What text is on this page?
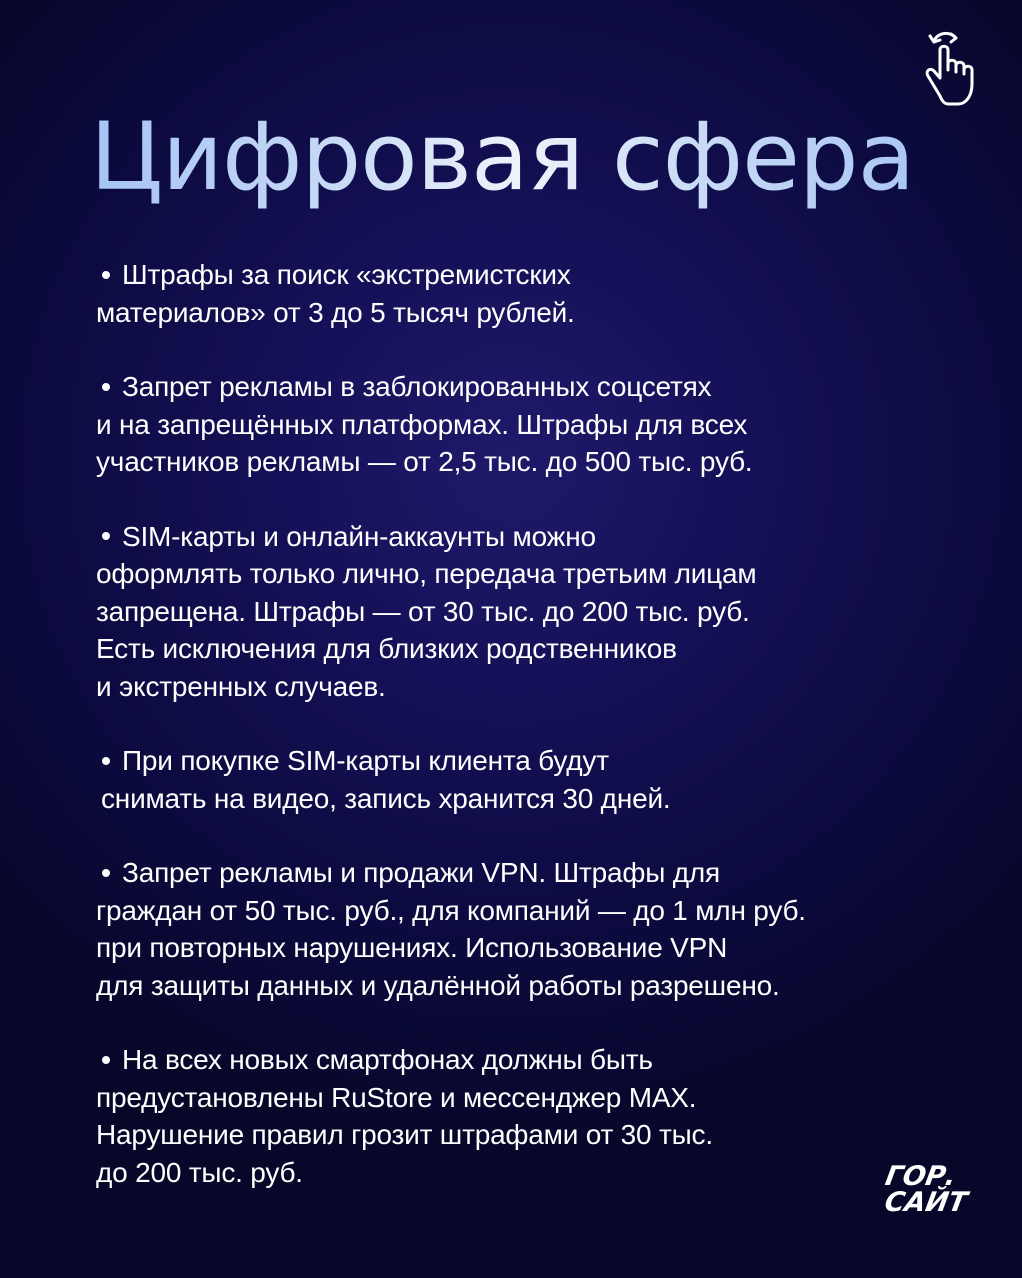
Цифровая сфера

Штрафы за поиск «экстремистских
материалов» от 3 до 5 тысяч рублей.

Запрет рекламы в заблокированных соцсетях
и на запрещённых платформах. Штрафы для всех
участников рекламы — от 2,5 тыс. до 500 тыс. руб.

SIM-карты и онлайн-аккаунты можно
оформлять только лично, передача третьим лицам
запрещена. Штрафы — от 30 тыс. до 200 тыс. руб.
Есть исключения для близких родственников
и экстренных случаев.

При покупке SIM-карты клиента будут
снимать на видео, запись хранится 30 дней.

Запрет рекламы и продажи VPN. Штрафы для
граждан от 50 тыс. руб., для компаний — до 1 млн руб.
при повторных нарушениях. Использование VPN
для защиты данных и удалённой работы разрешено.

На всех новых смартфонах должны быть
предустановлены RuStore и мессенджер MAX.
Нарушение правил грозит штрафами от 30 тыс.
до 200 тыс. руб.	ГОР.
САЙТ
